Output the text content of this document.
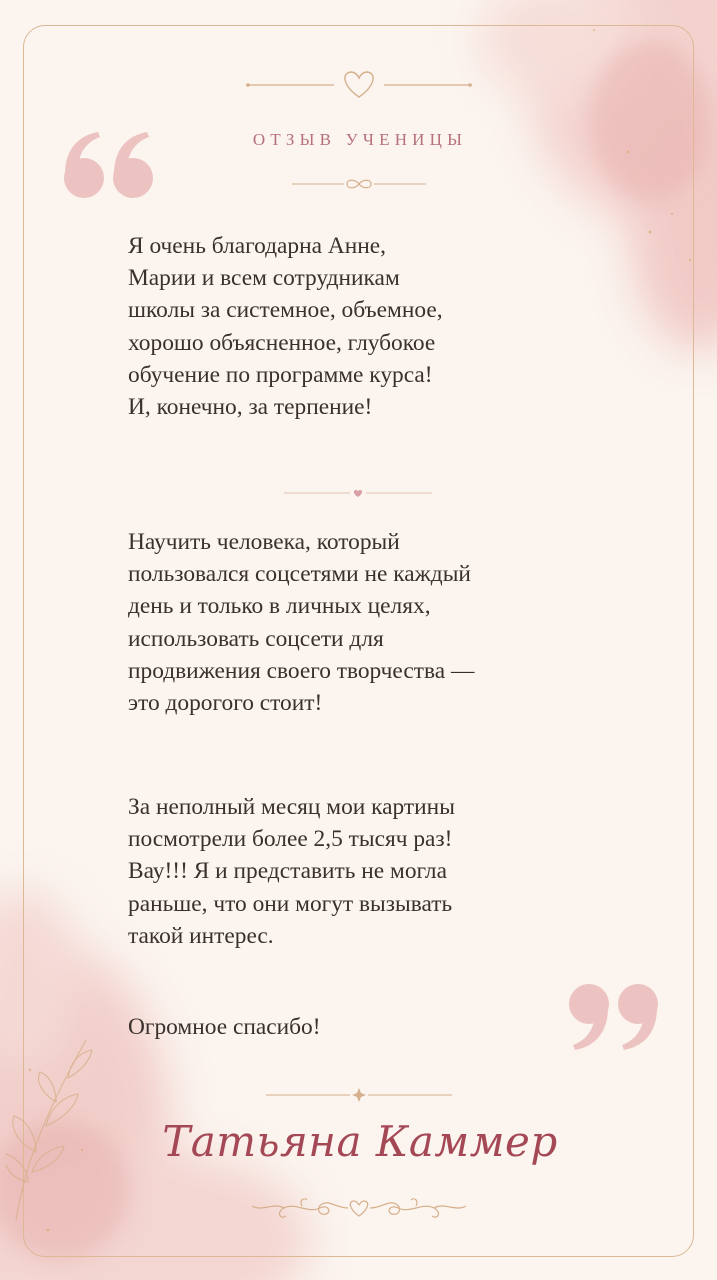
ОТЗЫВ УЧЕНИЦЫ

Я очень благодарна Анне,
Марии и всем сотрудникам
школы за системное, объемное,
хорошо объясненное, глубокое
обучение по программе курса!
И, конечно, за терпение!

Научить человека, который
пользовался соцсетями не каждый
день и только в личных целях,
использовать соцсети для
продвижения своего творчества —
это дорогого стоит!

За неполный месяц мои картины
посмотрели более 2,5 тысяч раз!
Вау!!! Я и представить не могла
раньше, что они могут вызывать
такой интерес.

Огромное спасибо!

Татьяна Каммер
